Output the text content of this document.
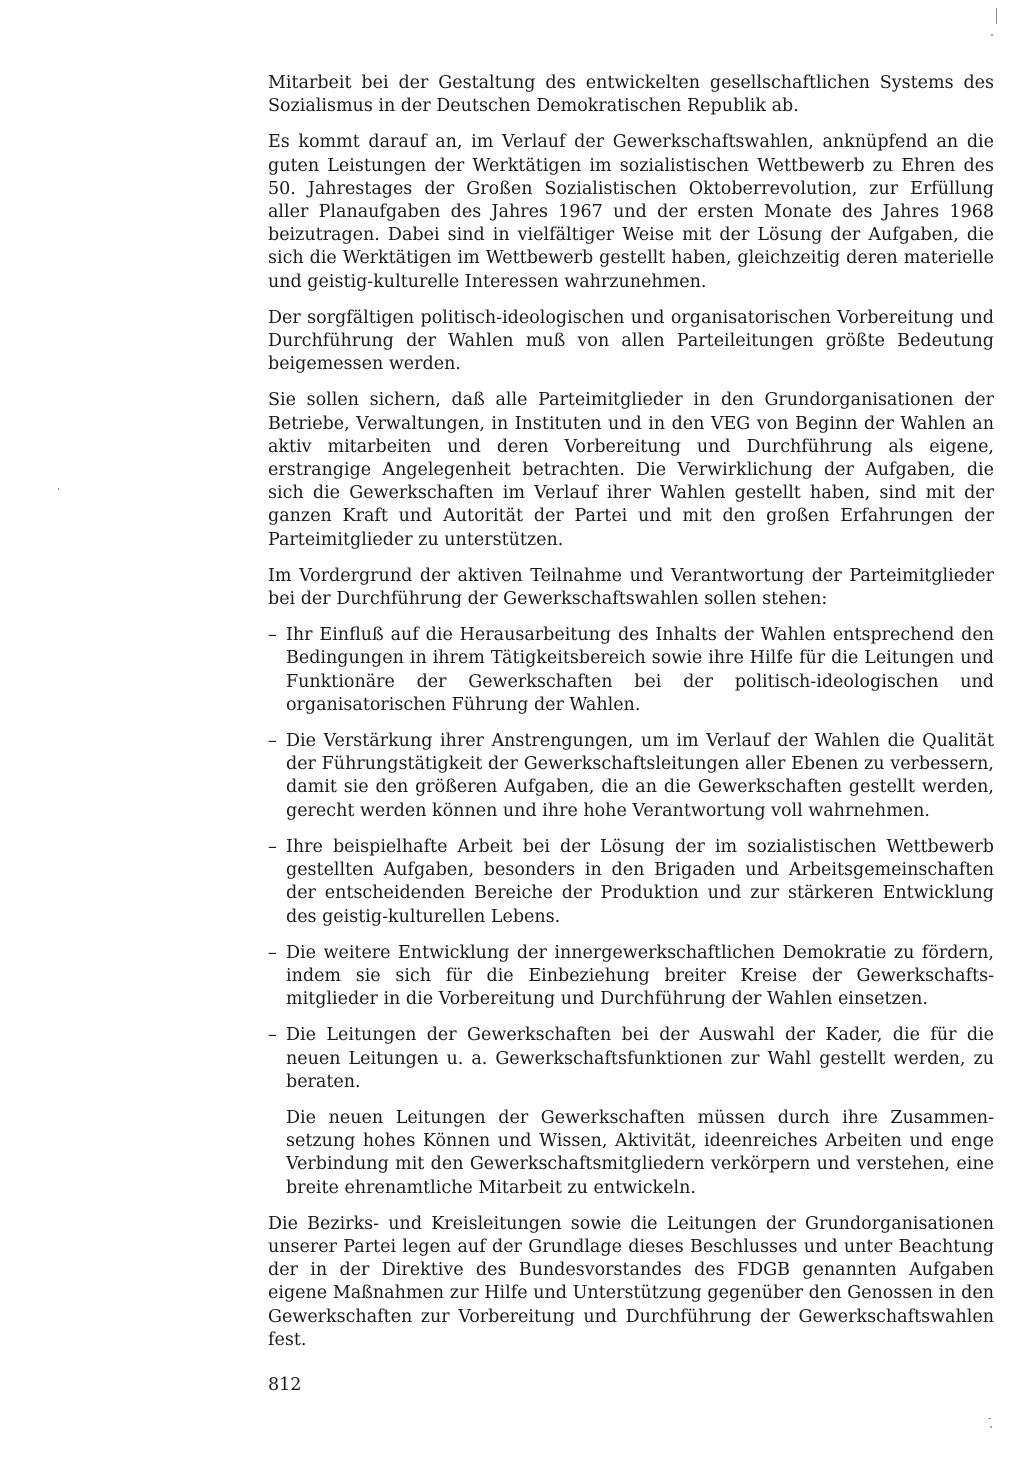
Mitarbeit bei der Gestaltung des entwickelten gesellschaftlichen Systems des Sozialismus in der Deutschen Demokratischen Republik ab.

Es kommt darauf an, im Verlauf der Gewerkschaftswahlen, anknüpfend an die guten Leistungen der Werktätigen im sozialistischen Wettbewerb zu Ehren des 50. Jahrestages der Großen Sozialistischen Oktoberrevolution, zur Erfüllung aller Planaufgaben des Jahres 1967 und der ersten Monate des Jahres 1968 beizutragen. Dabei sind in vielfältiger Weise mit der Lösung der Aufgaben, die sich die Werktätigen im Wettbewerb gestellt haben, gleichzeitig deren materielle und geistig-kulturelle Interessen wahrzunehmen.

Der sorgfältigen politisch-ideologischen und organisatorischen Vorbereitung und Durchführung der Wahlen muß von allen Parteileitungen größte Bedeutung beigemessen werden.

Sie sollen sichern, daß alle Parteimitglieder in den Grundorganisationen der Betriebe, Verwaltungen, in Instituten und in den VEG von Beginn der Wahlen an aktiv mitarbeiten und deren Vorbereitung und Durchführung als eigene, erstrangige Angelegenheit betrachten. Die Verwirklichung der Aufgaben, die sich die Gewerkschaften im Verlauf ihrer Wahlen gestellt haben, sind mit der ganzen Kraft und Autorität der Partei und mit den großen Erfahrungen der Parteimitglieder zu unterstützen.

Im Vordergrund der aktiven Teilnahme und Verantwortung der Parteimitglieder bei der Durchführung der Gewerkschaftswahlen sollen stehen:

– Ihr Einfluß auf die Herausarbeitung des Inhalts der Wahlen entsprechend den Bedingungen in ihrem Tätigkeitsbereich sowie ihre Hilfe für die Leitungen und Funktionäre der Gewerkschaften bei der politisch-ideologischen und organisatorischen Führung der Wahlen.

– Die Verstärkung ihrer Anstrengungen, um im Verlauf der Wahlen die Qualität der Führungstätigkeit der Gewerkschaftsleitungen aller Ebenen zu verbessern, damit sie den größeren Aufgaben, die an die Gewerkschaften gestellt werden, gerecht werden können und ihre hohe Verantwortung voll wahrnehmen.

– Ihre beispielhafte Arbeit bei der Lösung der im sozialistischen Wettbewerb gestellten Aufgaben, besonders in den Brigaden und Arbeitsgemeinschaften der entscheidenden Bereiche der Produktion und zur stärkeren Entwicklung des geistig-kulturellen Lebens.

– Die weitere Entwicklung der innergewerkschaftlichen Demokratie zu fördern, indem sie sich für die Einbeziehung breiter Kreise der Gewerkschaftsmitglieder in die Vorbereitung und Durchführung der Wahlen einsetzen.

– Die Leitungen der Gewerkschaften bei der Auswahl der Kader, die für die neuen Leitungen u. a. Gewerkschaftsfunktionen zur Wahl gestellt werden, zu beraten.

Die neuen Leitungen der Gewerkschaften müssen durch ihre Zusammensetzung hohes Können und Wissen, Aktivität, ideenreiches Arbeiten und enge Verbindung mit den Gewerkschaftsmitgliedern verkörpern und verstehen, eine breite ehrenamtliche Mitarbeit zu entwickeln.

Die Bezirks- und Kreisleitungen sowie die Leitungen der Grundorganisationen unserer Partei legen auf der Grundlage dieses Beschlusses und unter Beachtung der in der Direktive des Bundesvorstandes des FDGB genannten Aufgaben eigene Maßnahmen zur Hilfe und Unterstützung gegenüber den Genossen in den Gewerkschaften zur Vorbereitung und Durchführung der Gewerkschaftswahlen fest.

812
